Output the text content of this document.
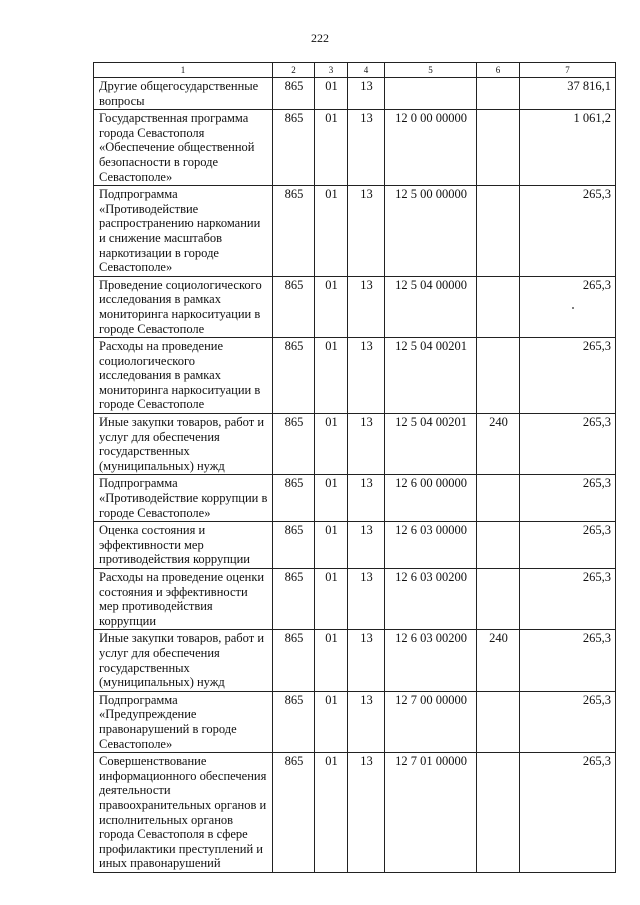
222
1	2	3	4	5	6	7
Другие общегосударственные вопросы	865	01	13			37 816,1
Государственная программа города Севастополя «Обеспечение общественной безопасности в городе Севастополе»	865	01	13	12 0 00 00000		1 061,2
Подпрограмма «Противодействие распространению наркомании и снижение масштабов наркотизации в городе Севастополе»	865	01	13	12 5 00 00000		265,3
Проведение социологического исследования в рамках мониторинга наркоситуации в городе Севастополе	865	01	13	12 5 04 00000		265,3
Расходы на проведение социологического исследования в рамках мониторинга наркоситуации в городе Севастополе	865	01	13	12 5 04 00201		265,3
Иные закупки товаров, работ и услуг для обеспечения государственных (муниципальных) нужд	865	01	13	12 5 04 00201	240	265,3
Подпрограмма «Противодействие коррупции в городе Севастополе»	865	01	13	12 6 00 00000		265,3
Оценка состояния и эффективности мер противодействия коррупции	865	01	13	12 6 03 00000		265,3
Расходы на проведение оценки состояния и эффективности мер противодействия коррупции	865	01	13	12 6 03 00200		265,3
Иные закупки товаров, работ и услуг для обеспечения государственных (муниципальных) нужд	865	01	13	12 6 03 00200	240	265,3
Подпрограмма «Предупреждение правонарушений в городе Севастополе»	865	01	13	12 7 00 00000		265,3
Совершенствование информационного обеспечения деятельности правоохранительных органов и исполнительных органов города Севастополя в сфере профилактики преступлений и иных правонарушений	865	01	13	12 7 01 00000		265,3
